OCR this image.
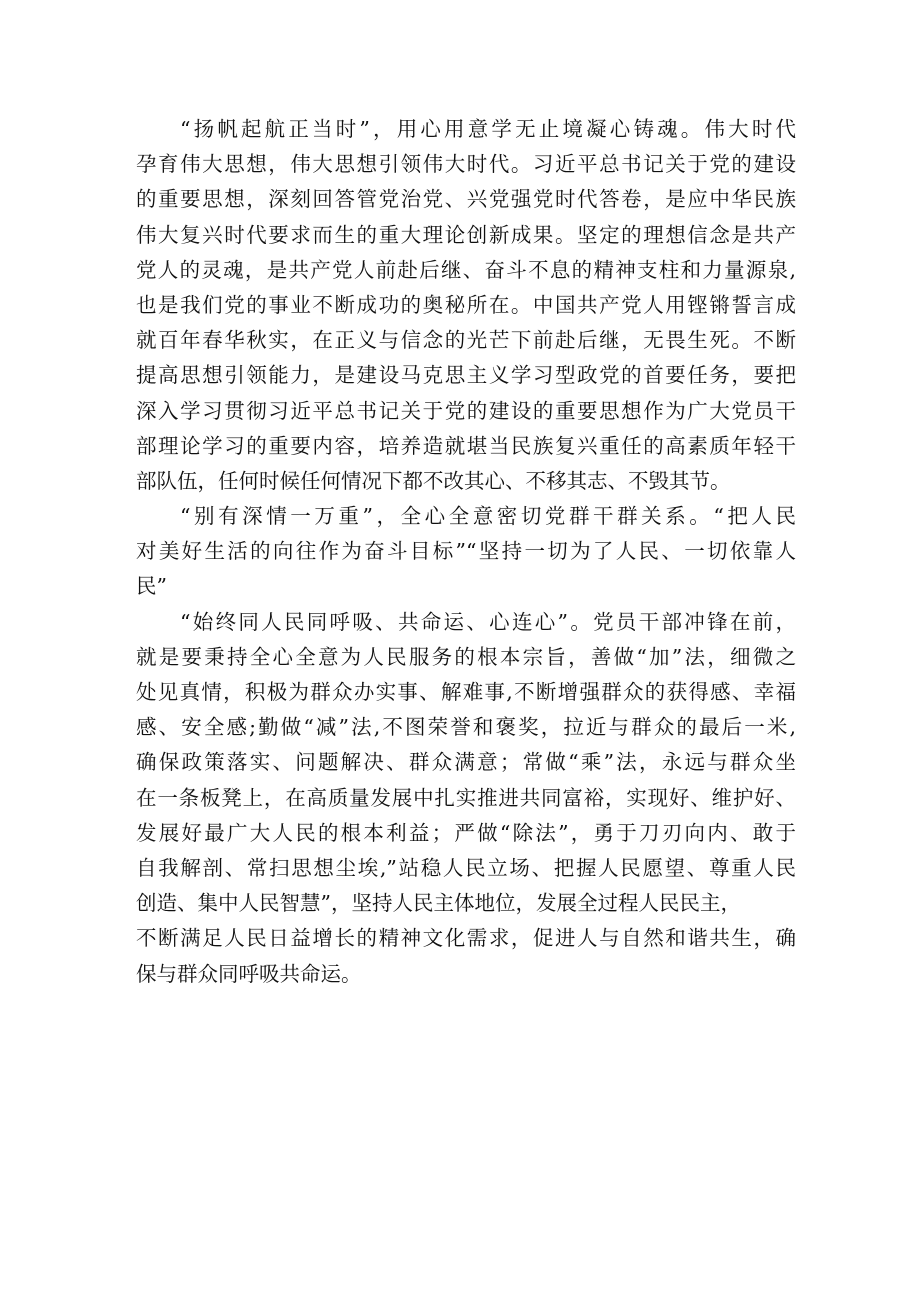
“扬帆起航正当时”，用心用意学无止境凝心铸魂。伟大时代
孕育伟大思想，伟大思想引领伟大时代。习近平总书记关于党的建设
的重要思想，深刻回答管党治党、兴党强党时代答卷，是应中华民族
伟大复兴时代要求而生的重大理论创新成果。坚定的理想信念是共产
党人的灵魂，是共产党人前赴后继、奋斗不息的精神支柱和力量源泉,
也是我们党的事业不断成功的奥秘所在。中国共产党人用铿锵誓言成
就百年春华秋实，在正义与信念的光芒下前赴后继，无畏生死。不断
提高思想引领能力，是建设马克思主义学习型政党的首要任务，要把
深入学习贯彻习近平总书记关于党的建设的重要思想作为广大党员干
部理论学习的重要内容，培养造就堪当民族复兴重任的高素质年轻干
部队伍，任何时候任何情况下都不改其心、不移其志、不毁其节。
“别有深情一万重”，全心全意密切党群干群关系。“把人民
对美好生活的向往作为奋斗目标”“坚持一切为了人民、一切依靠人
民”
“始终同人民同呼吸、共命运、心连心”。党员干部冲锋在前，
就是要秉持全心全意为人民服务的根本宗旨，善做“加”法，细微之
处见真情，积极为群众办实事、解难事,不断增强群众的获得感、幸福
感、安全感;勤做“减”法,不图荣誉和褒奖，拉近与群众的最后一米,
确保政策落实、问题解决、群众满意；常做“乘”法，永远与群众坐
在一条板凳上，在高质量发展中扎实推进共同富裕，实现好、维护好、
发展好最广大人民的根本利益；严做“除法”，勇于刀刃向内、敢于
自我解剖、常扫思想尘埃,”站稳人民立场、把握人民愿望、尊重人民
创造、集中人民智慧”，坚持人民主体地位，发展全过程人民民主，
不断满足人民日益增长的精神文化需求，促进人与自然和谐共生，确
保与群众同呼吸共命运。
